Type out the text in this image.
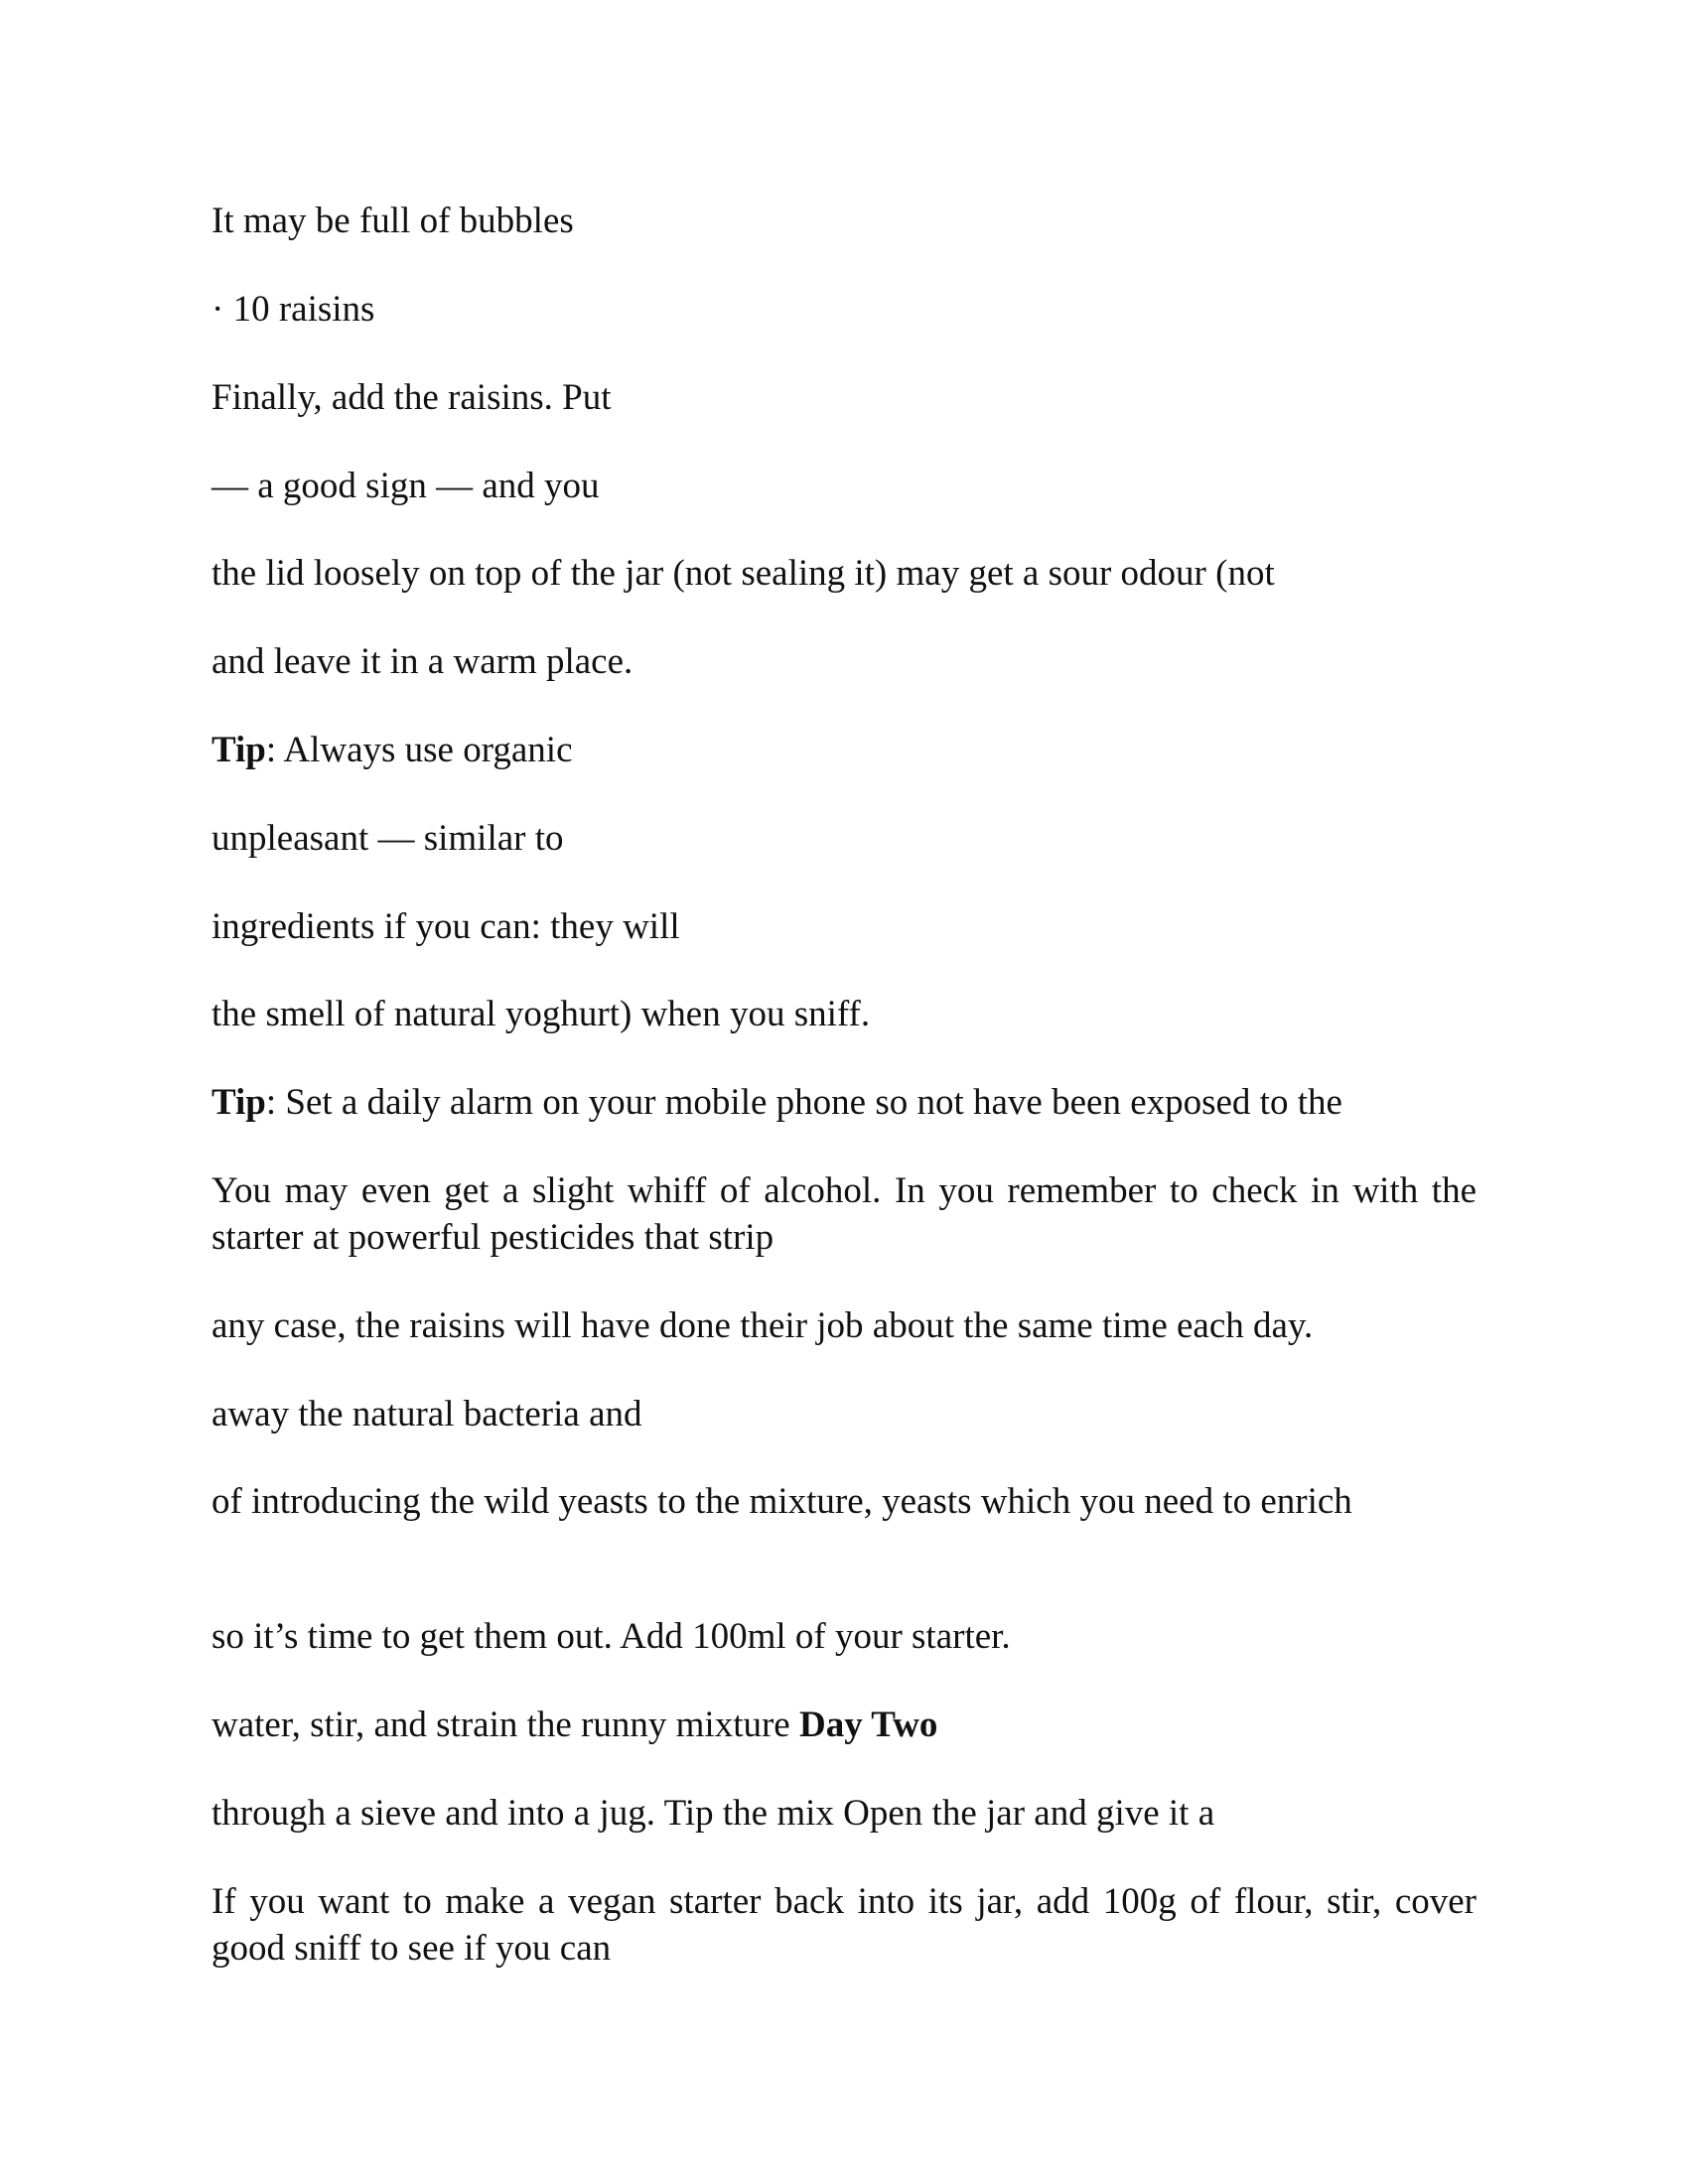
It may be full of bubbles
· 10 raisins
Finally, add the raisins. Put
— a good sign — and you
the lid loosely on top of the jar (not sealing it) may get a sour odour (not
and leave it in a warm place.
Tip: Always use organic
unpleasant — similar to
ingredients if you can: they will
the smell of natural yoghurt) when you sniff.
Tip: Set a daily alarm on your mobile phone so not have been exposed to the
You may even get a slight whiff of alcohol. In you remember to check in with the starter at powerful pesticides that strip
any case, the raisins will have done their job about the same time each day.
away the natural bacteria and
of introducing the wild yeasts to the mixture, yeasts which you need to enrich
so it’s time to get them out. Add 100ml of your starter.
water, stir, and strain the runny mixture Day Two
through a sieve and into a jug. Tip the mix Open the jar and give it a
If you want to make a vegan starter back into its jar, add 100g of flour, stir, cover good sniff to see if you can
